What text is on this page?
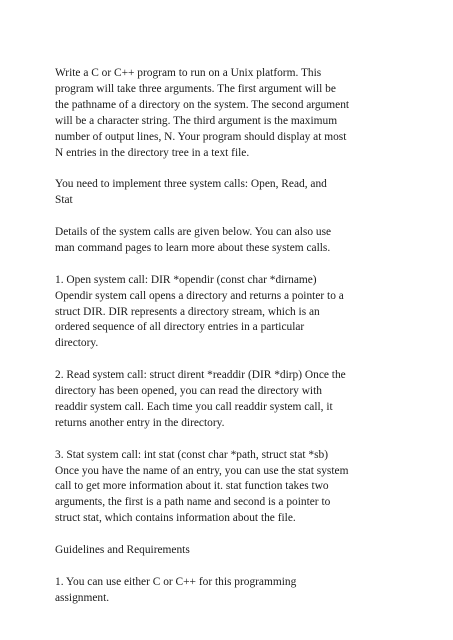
Write a C or C++ program to run on a Unix platform. This
program will take three arguments. The first argument will be
the pathname of a directory on the system. The second argument
will be a character string. The third argument is the maximum
number of output lines, N. Your program should display at most
N entries in the directory tree in a text file.

You need to implement three system calls: Open, Read, and
Stat

Details of the system calls are given below. You can also use
man command pages to learn more about these system calls.

1. Open system call: DIR *opendir (const char *dirname)
Opendir system call opens a directory and returns a pointer to a
struct DIR. DIR represents a directory stream, which is an
ordered sequence of all directory entries in a particular
directory.

2. Read system call: struct dirent *readdir (DIR *dirp) Once the
directory has been opened, you can read the directory with
readdir system call. Each time you call readdir system call, it
returns another entry in the directory.

3. Stat system call: int stat (const char *path, struct stat *sb)
Once you have the name of an entry, you can use the stat system
call to get more information about it. stat function takes two
arguments, the first is a path name and second is a pointer to
struct stat, which contains information about the file.

Guidelines and Requirements

1. You can use either C or C++ for this programming
assignment.
